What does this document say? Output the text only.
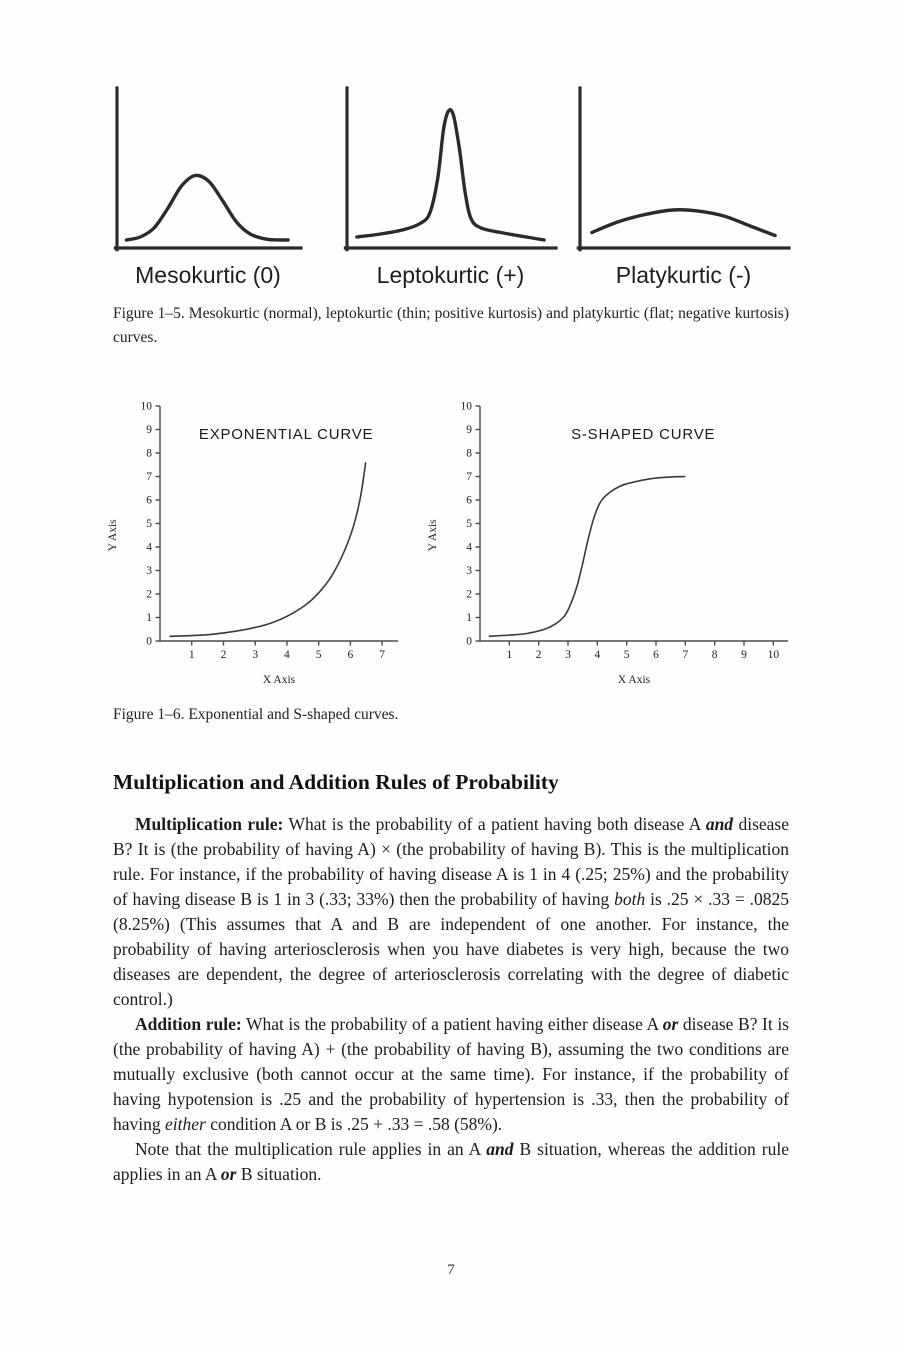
Mesokurtic (0)	Leptokurtic (+)	Platykurtic (-)
Figure 1–5. Mesokurtic (normal), leptokurtic (thin; positive kurtosis) and platykurtic (flat; negative kurtosis) curves.
0
1
2
3
4
5
6
7
8
9
10
1 2 3 4 5 6 7
EXPONENTIAL CURVE
X Axis
Y Axis
0
1
2
3
4
5
6
7
8
9
10
1 2 3 4 5 6 7 8 9 10
S-SHAPED CURVE
X Axis
Y Axis
Figure 1–6. Exponential and S-shaped curves.
Multiplication and Addition Rules of Probability

Multiplication rule: What is the probability of a patient having both disease A and disease B? It is (the probability of having A) × (the probability of having B). This is the multiplication rule. For instance, if the probability of having disease A is 1 in 4 (.25; 25%) and the probability of having disease B is 1 in 3 (.33; 33%) then the probability of having both is .25 × .33 = .0825 (8.25%) (This assumes that A and B are independent of one another. For instance, the probability of having arteriosclerosis when you have diabetes is very high, because the two diseases are dependent, the degree of arteriosclerosis correlating with the degree of diabetic control.)

Addition rule: What is the probability of a patient having either disease A or disease B? It is (the probability of having A) + (the probability of having B), assuming the two conditions are mutually exclusive (both cannot occur at the same time). For instance, if the probability of having hypotension is .25 and the probability of hypertension is .33, then the probability of having either condition A or B is .25 + .33 = .58 (58%).

Note that the multiplication rule applies in an A and B situation, whereas the addition rule applies in an A or B situation.

7
